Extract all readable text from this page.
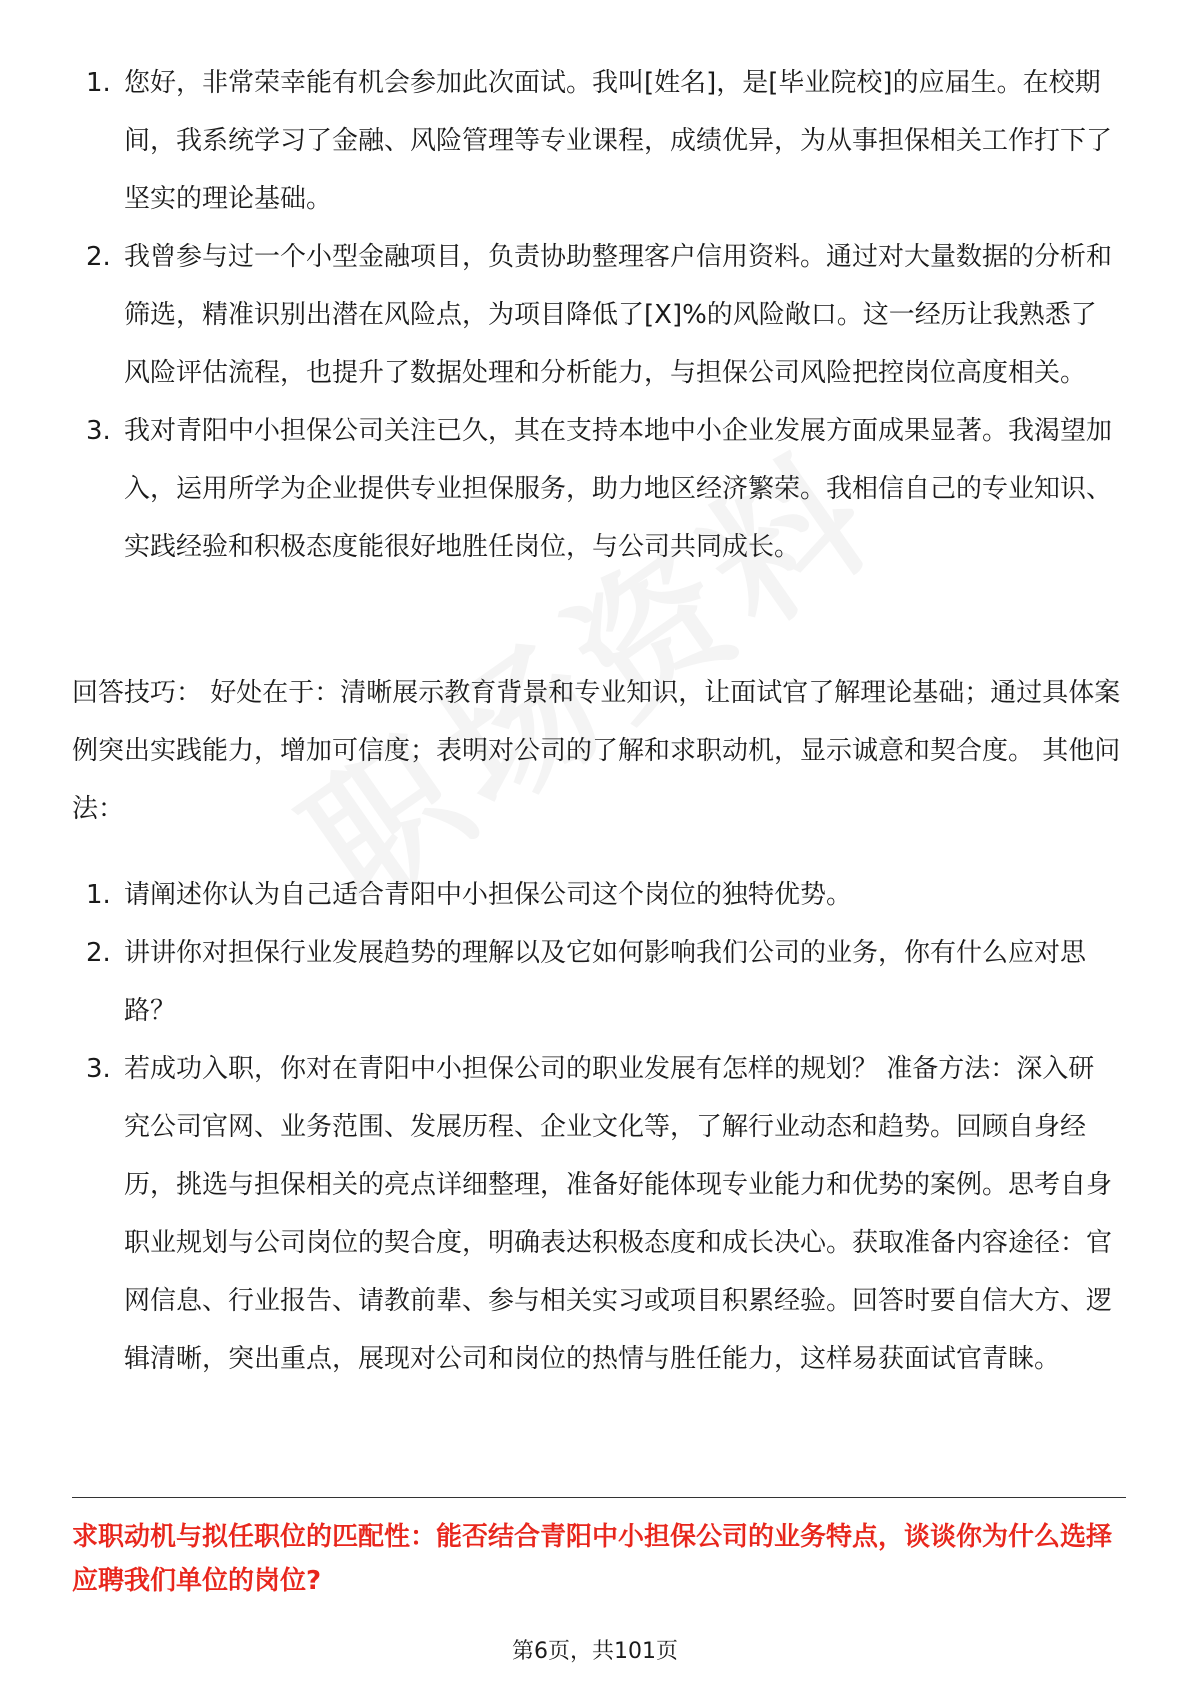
1. 您好，非常荣幸能有机会参加此次面试。我叫[姓名]，是[毕业院校]的应届生。在校期间，我系统学习了金融、风险管理等专业课程，成绩优异，为从事担保相关工作打下了坚实的理论基础。
2. 我曾参与过一个小型金融项目，负责协助整理客户信用资料。通过对大量数据的分析和筛选，精准识别出潜在风险点，为项目降低了[X]%的风险敞口。这一经历让我熟悉了风险评估流程，也提升了数据处理和分析能力，与担保公司风险把控岗位高度相关。
3. 我对青阳中小担保公司关注已久，其在支持本地中小企业发展方面成果显著。我渴望加入，运用所学为企业提供专业担保服务，助力地区经济繁荣。我相信自己的专业知识、实践经验和积极态度能很好地胜任岗位，与公司共同成长。
回答技巧： 好处在于：清晰展示教育背景和专业知识，让面试官了解理论基础；通过具体案例突出实践能力，增加可信度；表明对公司的了解和求职动机，显示诚意和契合度。 其他问法：
1. 请阐述你认为自己适合青阳中小担保公司这个岗位的独特优势。
2. 讲讲你对担保行业发展趋势的理解以及它如何影响我们公司的业务，你有什么应对思路？
3. 若成功入职，你对在青阳中小担保公司的职业发展有怎样的规划？ 准备方法：深入研究公司官网、业务范围、发展历程、企业文化等，了解行业动态和趋势。回顾自身经历，挑选与担保相关的亮点详细整理，准备好能体现专业能力和优势的案例。思考自身职业规划与公司岗位的契合度，明确表达积极态度和成长决心。获取准备内容途径：官网信息、行业报告、请教前辈、参与相关实习或项目积累经验。回答时要自信大方、逻辑清晰，突出重点，展现对公司和岗位的热情与胜任能力，这样易获面试官青睐。
求职动机与拟任职位的匹配性：能否结合青阳中小担保公司的业务特点，谈谈你为什么选择应聘我们单位的岗位?
第6页，共101页
